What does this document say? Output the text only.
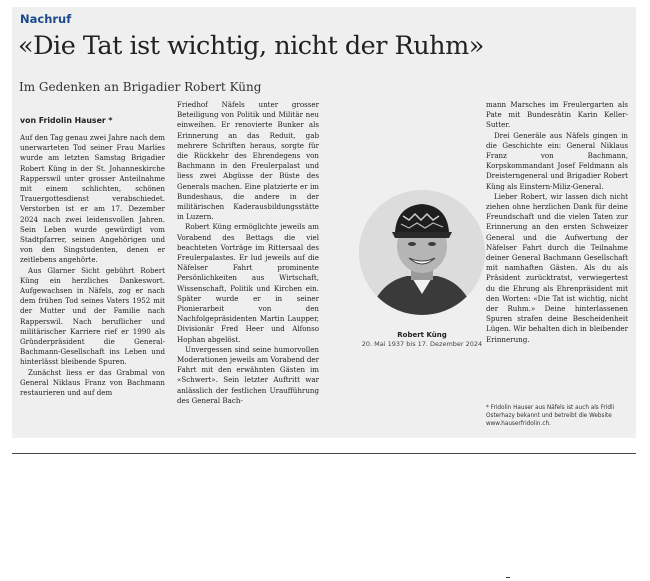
Nachruf
«Die Tat ist wichtig, nicht der Ruhm»
Im Gedenken an Brigadier Robert Küng
von Fridolin Hauser *

Auf den Tag genau zwei Jahre nach dem unerwarteten Tod seiner Frau Marlies wurde am letzten Samstag Brigadier Robert Küng in der St. Johanneskirche Rapperswil unter grosser Anteilnahme mit einem schlichten, schönen Trauergottesdienst verabschiedet. Verstorben ist er am 17. Dezember 2024 nach zwei leidensvollen Jahren. Sein Leben wurde gewürdigt vom Stadtpfarrer, seinen Angehörigen und von den Singstudenten, denen er zeitlebens angehörte.

Aus Glarner Sicht gebührt Robert Küng ein herzliches Dankeswort. Aufgewachsen in Näfels, zog er nach dem frühen Tod seines Vaters 1952 mit der Mutter und der Familie nach Rapperswil. Nach beruflicher und militärischer Karriere rief er 1990 als Gründerpräsident die General-Bachmann-Gesellschaft ins Leben und hinterlässt bleibende Spuren.

Zunächst liess er das Grabmal von General Niklaus Franz von Bachmann restaurieren und auf dem

Friedhof Näfels unter grosser Beteiligung von Politik und Militär neu einweihen. Er renovierte Bunker als Erinnerung an das Reduit, gab mehrere Schriften heraus, sorgte für die Rückkehr des Ehrendegens von Bachmann in den Freulerpalast und liess zwei Abgüsse der Büste des Generals machen. Eine platzierte er im Bundeshaus, die andere in der militärischen Kaderausbildungsstätte in Luzern.

Robert Küng ermöglichte jeweils am Vorabend des Bettags die viel beachteten Vorträge im Rittersaal des Freulerpalastes. Er lud jeweils auf die Näfelser Fahrt prominente Persönlichkeiten aus Wirtschaft, Wissenschaft, Politik und Kirchen ein. Später wurde er in seiner Pionierarbeit von den Nachfolgepräsidenten Martin Laupper, Divisionär Fred Heer und Alfonso Hophan abgelöst.

Unvergessen sind seine humorvollen Moderationen jeweils am Vorabend der Fahrt mit den erwähnten Gästen im «Schwert». Sein letzter Auftritt war anlässlich der festlichen Uraufführung des General Bach-

Robert Küng
20. Mai 1937 bis 17. Dezember 2024

mann Marsches im Freulergarten als Pate mit Bundesrätin Karin Keller-Sutter.

Drei Generäle aus Näfels gingen in die Geschichte ein: General Niklaus Franz von Bachmann, Korpskommandant Josef Feldmann als Dreisterngeneral und Brigadier Robert Küng als Einstern-Miliz-General.

Lieber Robert, wir lassen dich nicht ziehen ohne herzlichen Dank für deine Freundschaft und die vielen Taten zur Erinnerung an den ersten Schweizer General und die Aufwertung der Näfelser Fahrt durch die Teilnahme deiner General Bachmann Gesellschaft mit namhaften Gästen. Als du als Präsident zurücktratst, verwiegertest du die Ehrung als Ehrenpräsident mit den Worten: «Die Tat ist wichtig, nicht der Ruhm.» Deine hinterlassenen Spuren strafen deine Bescheidenheit Lügen. Wir behalten dich in bleibender Erinnerung.

* Fridolin Hauser aus Näfels ist auch als Fridli Osterhazy bekannt und betreibt die Website www.hauserfridolin.ch.
